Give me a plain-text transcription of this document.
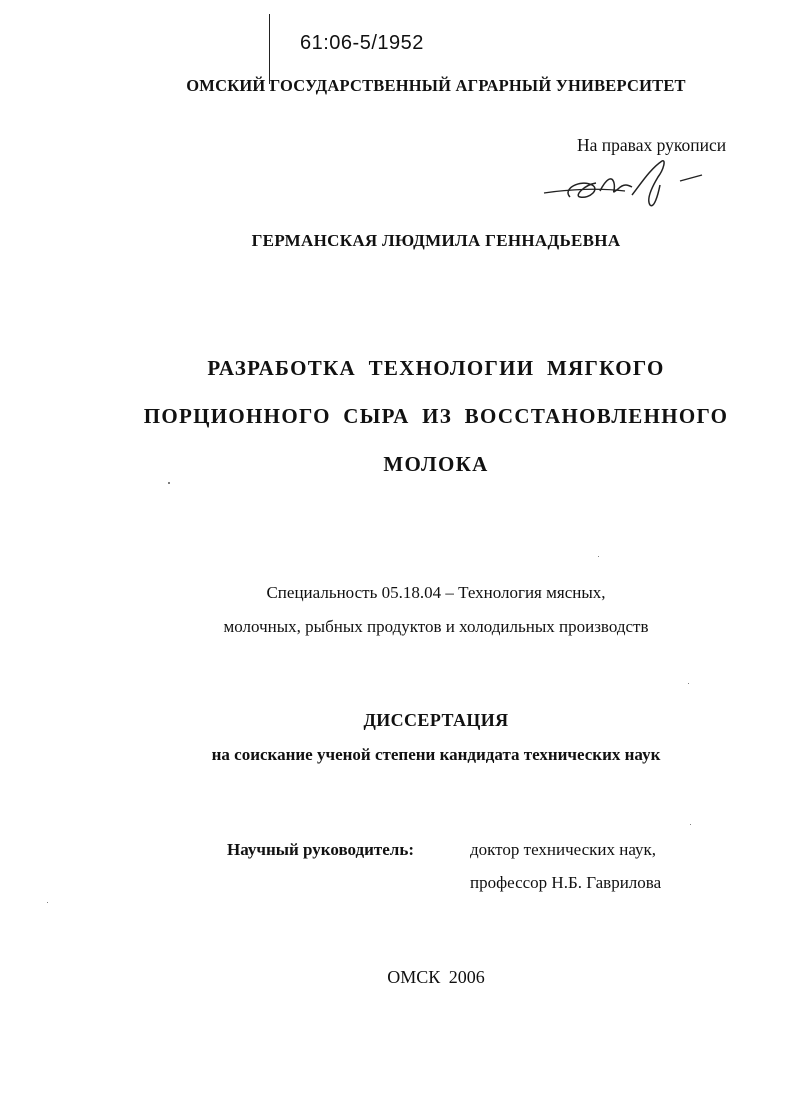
61:06-5/1952
ОМСКИЙ ГОСУДАРСТВЕННЫЙ АГРАРНЫЙ УНИВЕРСИТЕТ
На правах рукописи
ГЕРМАНСКАЯ ЛЮДМИЛА ГЕННАДЬЕВНА
РАЗРАБОТКА ТЕХНОЛОГИИ МЯГКОГО
ПОРЦИОННОГО СЫРА ИЗ ВОССТАНОВЛЕННОГО
МОЛОКА
Специальность 05.18.04 – Технология мясных,
молочных, рыбных продуктов и холодильных производств
ДИССЕРТАЦИЯ
на соискание ученой степени кандидата технических наук
Научный руководитель:	доктор технических наук,
профессор Н.Б. Гаврилова
ОМСК 2006
